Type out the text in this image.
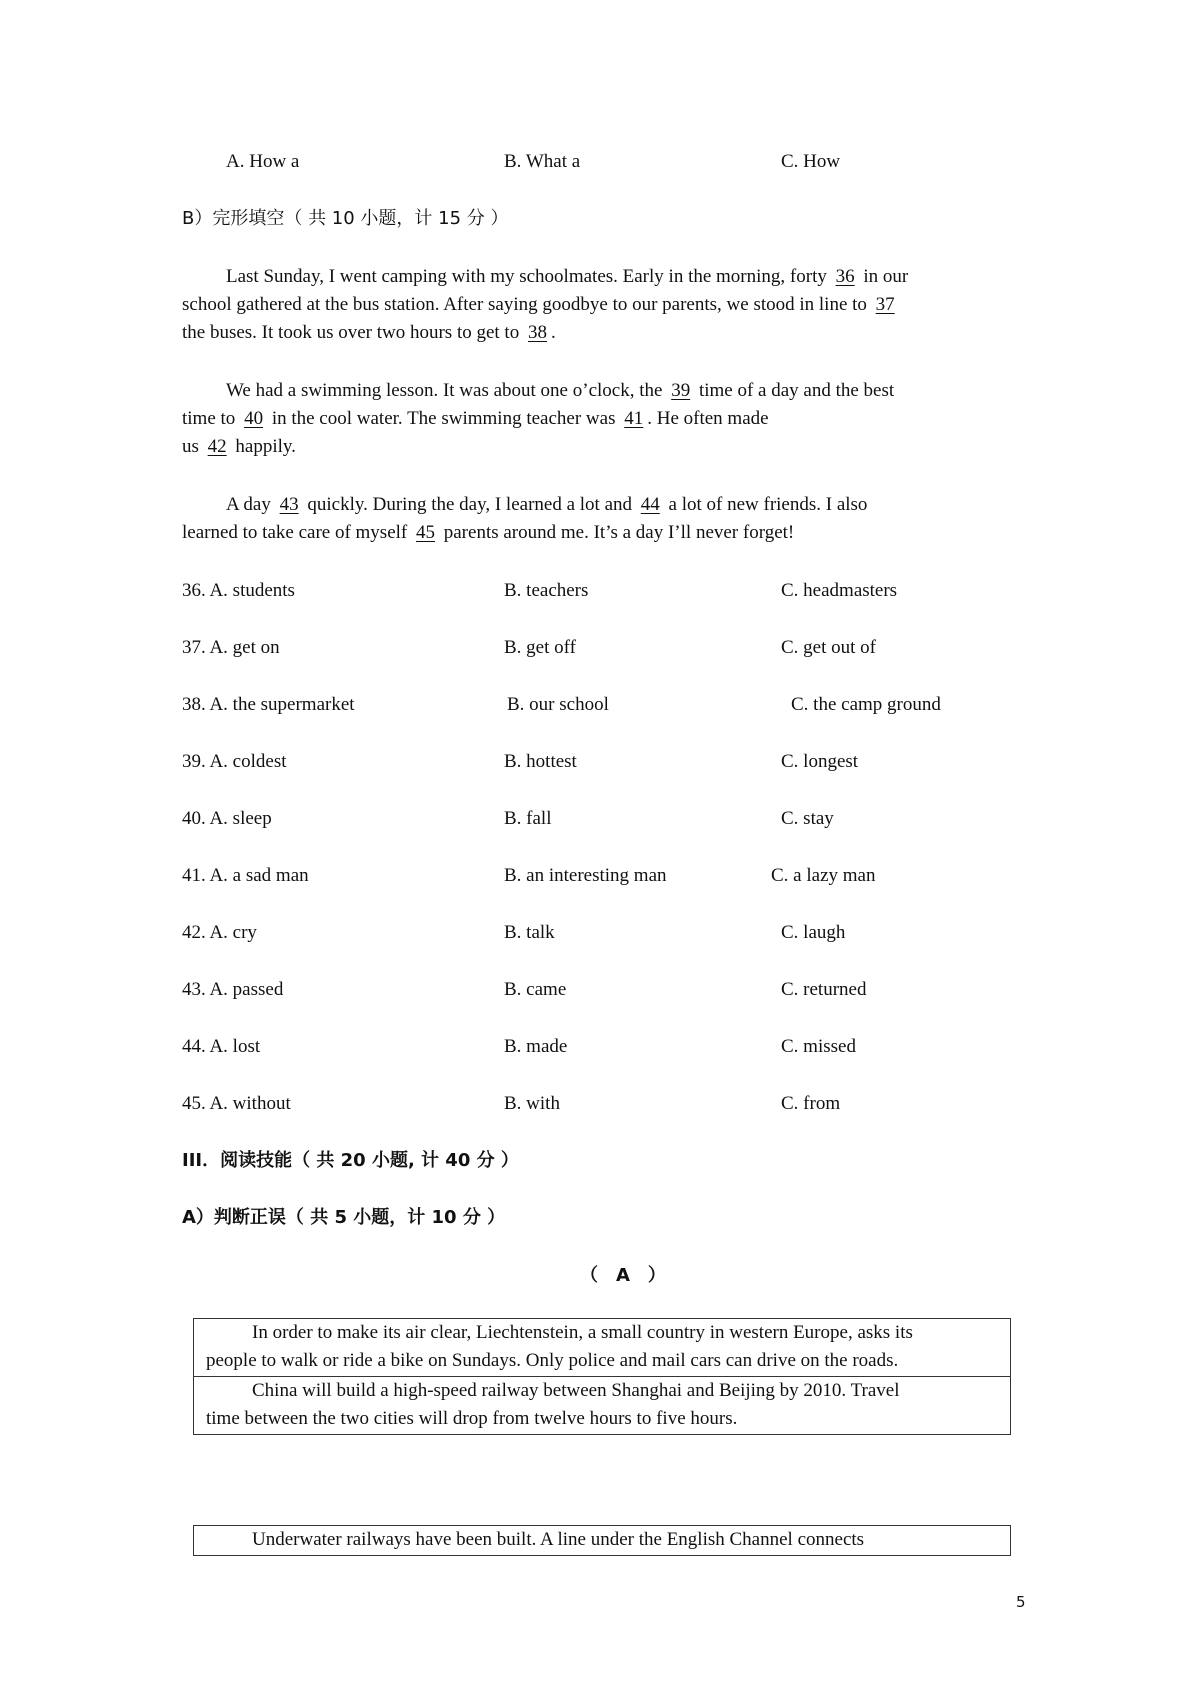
A. How a	B. What a	C. How
B）完形填空（ 共 10 小题，计 15 分 ）
Last Sunday, I went camping with my schoolmates. Early in the morning, forty 36 in our
school gathered at the bus station. After saying goodbye to our parents, we stood in line to 37
the buses. It took us over two hours to get to 38 .
We had a swimming lesson. It was about one o’clock, the 39 time of a day and the best
time to 40 in the cool water. The swimming teacher was 41 . He often made
us 42 happily.
A day 43 quickly. During the day, I learned a lot and 44 a lot of new friends. I also
learned to take care of myself 45 parents around me. It’s a day I’ll never forget!
36. A. students	B. teachers	C. headmasters
37. A. get on	B. get off	C. get out of
38. A. the supermarket	B. our school	C. the camp ground
39. A. coldest	B. hottest	C. longest
40. A. sleep	B. fall	C. stay
41. A. a sad man	B. an interesting man	C. a lazy man
42. A. cry	B. talk	C. laugh
43. A. passed	B. came	C. returned
44. A. lost	B. made	C. missed
45. A. without	B. with	C. from
III．阅读技能（ 共 20 小题, 计 40 分 ）
A）判断正误（ 共 5 小题，计 10 分 ）
（　A　）
In order to make its air clear, Liechtenstein, a small country in western Europe, asks its
people to walk or ride a bike on Sundays. Only police and mail cars can drive on the roads.
China will build a high-speed railway between Shanghai and Beijing by 2010. Travel
time between the two cities will drop from twelve hours to five hours.
Underwater railways have been built. A line under the English Channel connects
5
